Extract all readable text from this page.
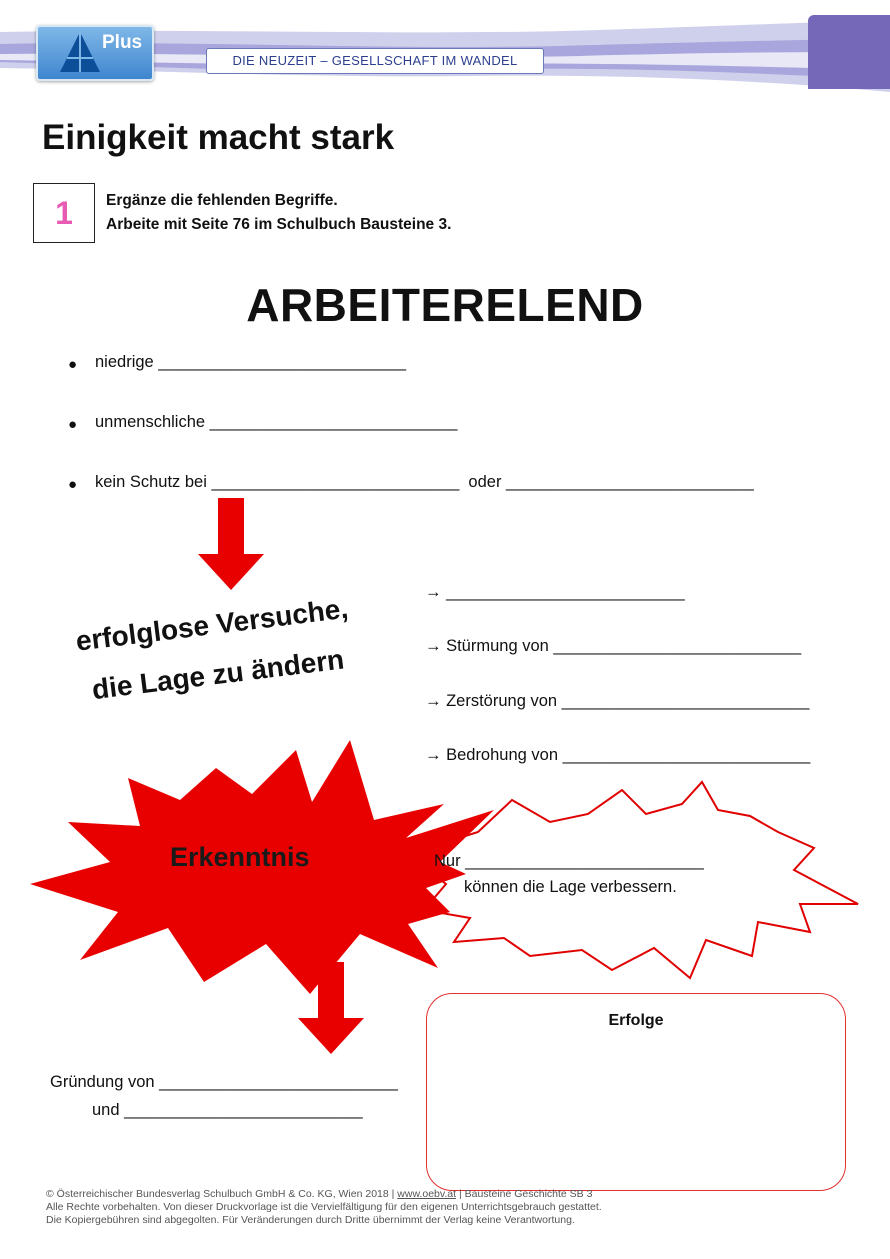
Plus
DIE NEUZEIT – GESELLSCHAFT IM WANDEL
Einigkeit macht stark
1	Ergänze die fehlenden Begriffe.
Arbeite mit Seite 76 im Schulbuch Bausteine 3.
ARBEITERELEND
● niedrige ___________________________
● unmenschliche ___________________________
● kein Schutz bei ___________________________  oder ___________________________
erfolglose Versuche,
die Lage zu ändern
→ __________________________
→ Stürmung von ___________________________
→ Zerstörung von ___________________________
→ Bedrohung von ___________________________
Erkenntnis	Nur __________________________
können die Lage verbessern.
Erfolge
Gründung von __________________________
und __________________________
© Österreichischer Bundesverlag Schulbuch GmbH & Co. KG, Wien 2018 | www.oebv.at | Bausteine Geschichte SB 3
Alle Rechte vorbehalten. Von dieser Druckvorlage ist die Vervielfältigung für den eigenen Unterrichtsgebrauch gestattet.
Die Kopiergebühren sind abgegolten. Für Veränderungen durch Dritte übernimmt der Verlag keine Verantwortung.
